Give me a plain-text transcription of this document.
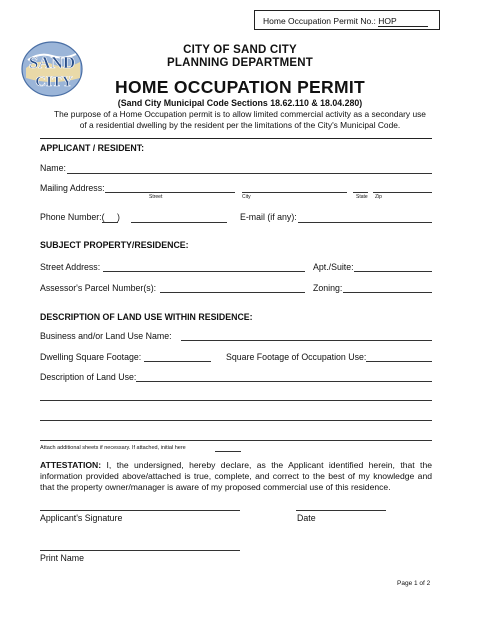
Home Occupation Permit No.: HOP
SAND
CITY
CITY OF SAND CITY
PLANNING DEPARTMENT
HOME OCCUPATION PERMIT
(Sand City Municipal Code Sections 18.62.110 & 18.04.280)
The purpose of a Home Occupation permit is to allow limited commercial activity as a secondary use
of a residential dwelling by the resident per the limitations of the City's Municipal Code.
APPLICANT / RESIDENT:
Name:
Mailing Address:
Street	City	State Zip
Phone Number:( )	E-mail (if any):
SUBJECT PROPERTY/RESIDENCE:
Street Address:	Apt./Suite:
Assessor's Parcel Number(s):	Zoning:
DESCRIPTION OF LAND USE WITHIN RESIDENCE:
Business and/or Land Use Name:
Dwelling Square Footage:	Square Footage of Occupation Use:
Description of Land Use:
Attach additional sheets if necessary. If attached, initial here
ATTESTATION: I, the undersigned, hereby declare, as the Applicant identified herein, that the information provided above/attached is true, complete, and correct to the best of my knowledge and that the property owner/manager is aware of my proposed commercial use of this residence.
Applicant's Signature	Date
Print Name
Page 1 of 2
